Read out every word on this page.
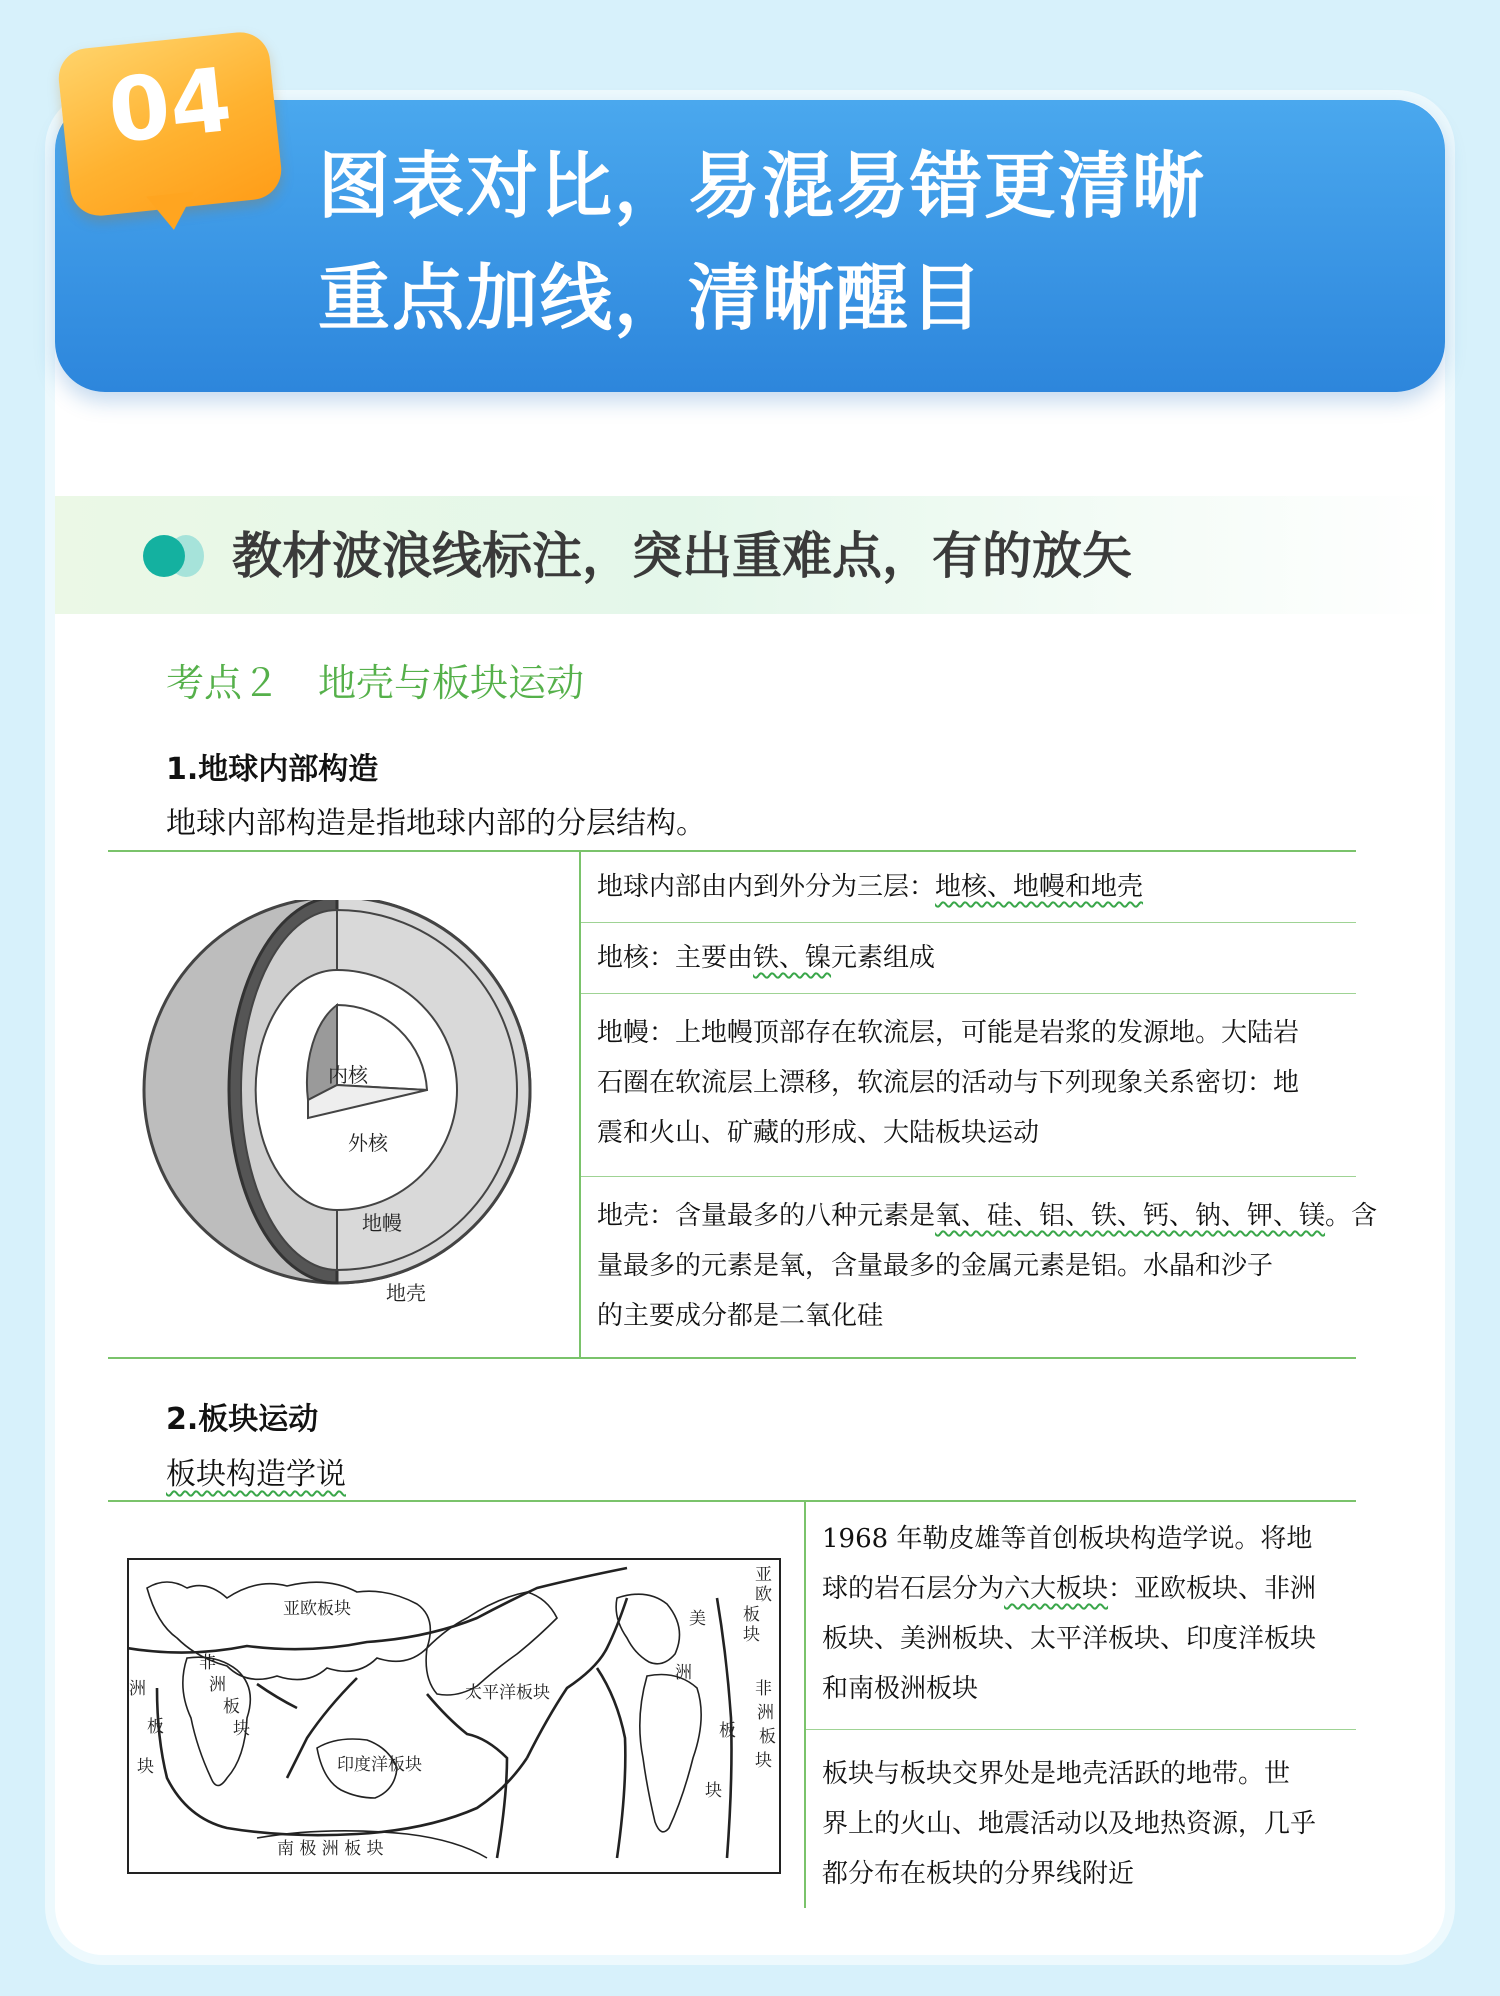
04
图表对比，易混易错更清晰
重点加线，清晰醒目
教材波浪线标注，突出重难点，有的放矢
考点２　地壳与板块运动
1.地球内部构造
地球内部构造是指地球内部的分层结构。
内核
外核
地幔
地壳
地球内部由内到外分为三层：地核、地幔和地壳
地核：主要由铁、镍元素组成
地幔：上地幔顶部存在软流层，可能是岩浆的发源地。大陆岩
石圈在软流层上漂移，软流层的活动与下列现象关系密切：地
震和火山、矿藏的形成、大陆板块运动
地壳：含量最多的八种元素是氧、硅、铝、铁、钙、钠、钾、镁。含
量最多的元素是氧，含量最多的金属元素是铝。水晶和沙子
的主要成分都是二氧化硅
2.板块运动
板块构造学说
亚欧板块
太平洋板块
印度洋板块
南 极 洲 板 块
非
洲
板
块
洲
板
块
美
洲
板
块
亚
欧
板
块
非
洲
板
块
1968 年勒皮雄等首创板块构造学说。将地
球的岩石层分为六大板块：亚欧板块、非洲
板块、美洲板块、太平洋板块、印度洋板块
和南极洲板块
板块与板块交界处是地壳活跃的地带。世
界上的火山、地震活动以及地热资源，几乎
都分布在板块的分界线附近
